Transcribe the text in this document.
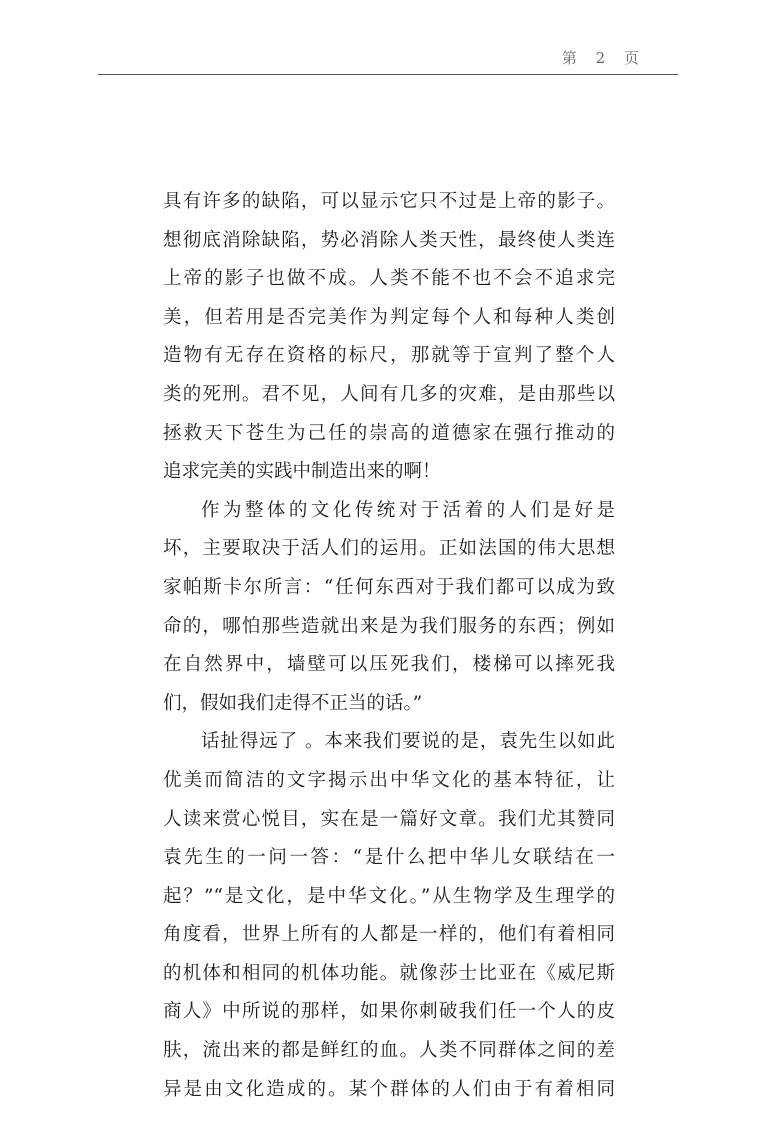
第 2 页
具有许多的缺陷，可以显示它只不过是上帝的影子。
想彻底消除缺陷，势必消除人类天性，最终使人类连
上帝的影子也做不成。人类不能不也不会不追求完
美，但若用是否完美作为判定每个人和每种人类创
造物有无存在资格的标尺，那就等于宣判了整个人
类的死刑。君不见，人间有几多的灾难，是由那些以
拯救天下苍生为己任的崇高的道德家在强行推动的
追求完美的实践中制造出来的啊！
作为整体的文化传统对于活着的人们是好是
坏，主要取决于活人们的运用。正如法国的伟大思想
家帕斯卡尔所言：“任何东西对于我们都可以成为致
命的，哪怕那些造就出来是为我们服务的东西；例如
在自然界中，墙壁可以压死我们，楼梯可以摔死我
们，假如我们走得不正当的话。”
话扯得远了 。本来我们要说的是，袁先生以如此
优美而简洁的文字揭示出中华文化的基本特征，让
人读来赏心悦目，实在是一篇好文章。我们尤其赞同
袁先生的一问一答：“是什么把中华儿女联结在一
起？”“是文化，是中华文化。”从生物学及生理学的
角度看，世界上所有的人都是一样的，他们有着相同
的机体和相同的机体功能。就像莎士比亚在《威尼斯
商人》中所说的那样，如果你刺破我们任一个人的皮
肤，流出来的都是鲜红的血。人类不同群体之间的差
异是由文化造成的。某个群体的人们由于有着相同
